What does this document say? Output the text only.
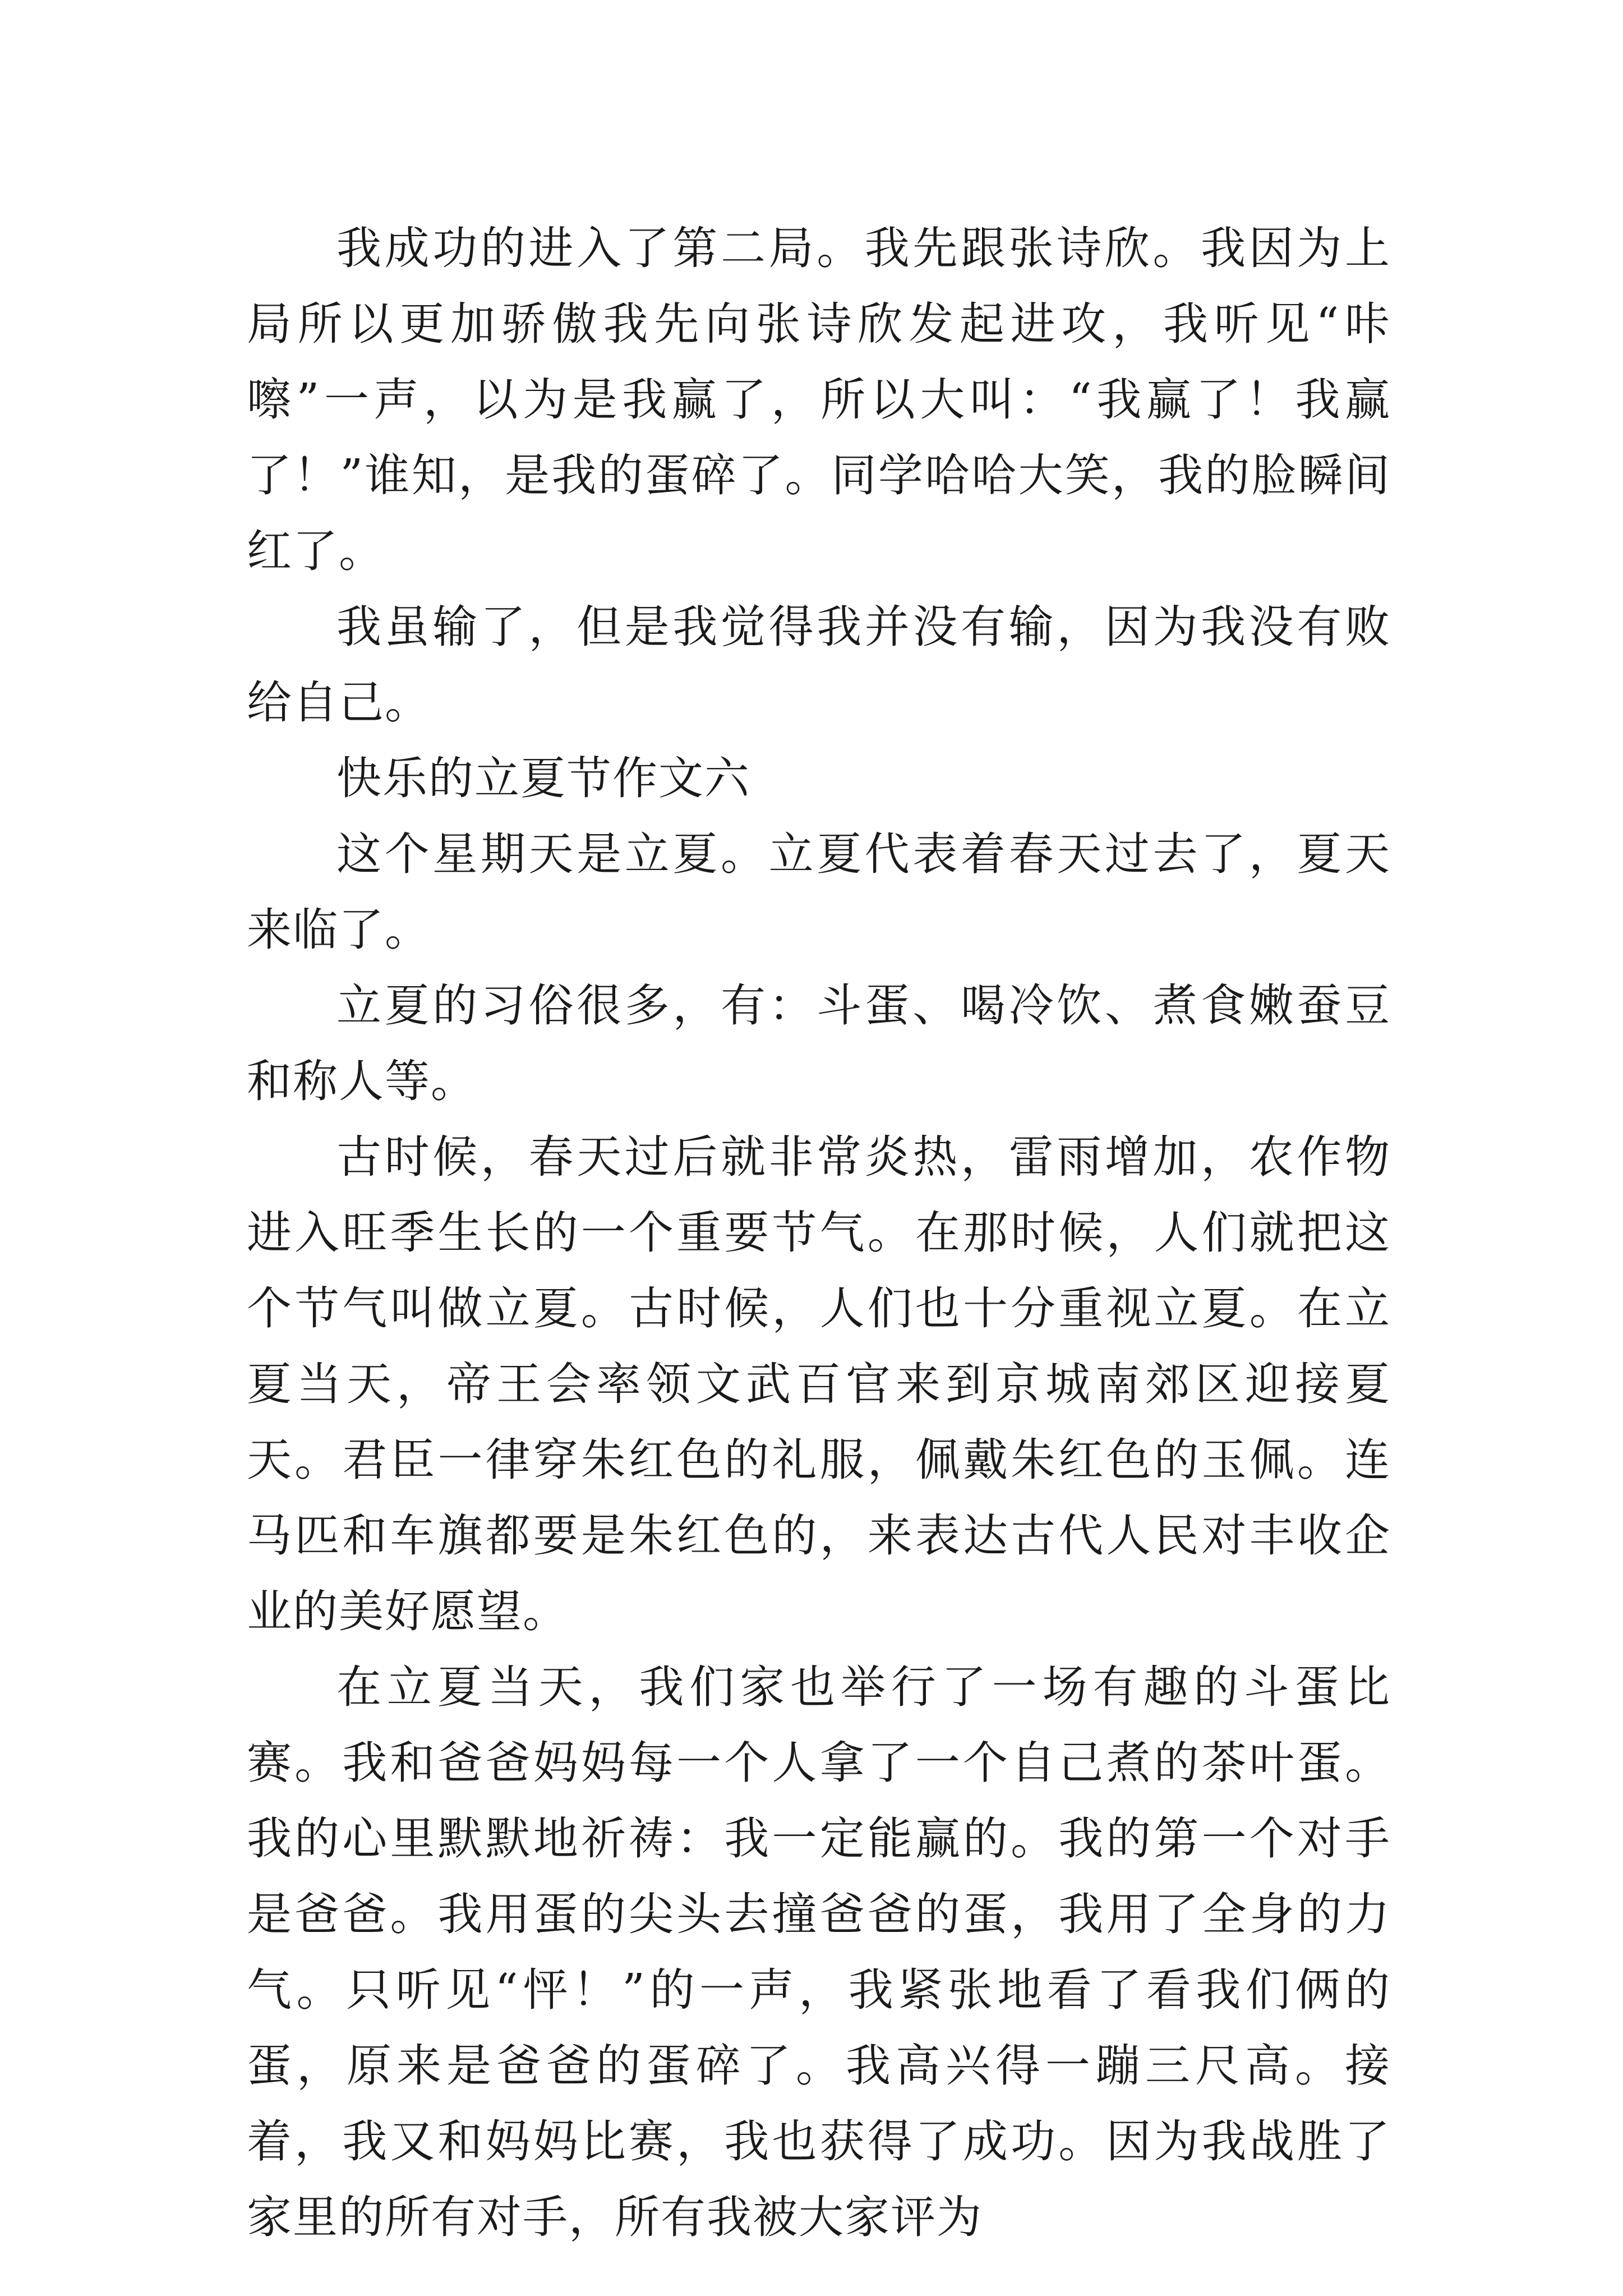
我成功的进入了第二局。我先跟张诗欣。我因为上局所以更加骄傲我先向张诗欣发起进攻，我听见“咔嚓”一声，以为是我赢了，所以大叫：“我赢了！我赢了！”谁知，是我的蛋碎了。同学哈哈大笑，我的脸瞬间红了。

我虽输了，但是我觉得我并没有输，因为我没有败给自己。

快乐的立夏节作文六

这个星期天是立夏。立夏代表着春天过去了，夏天来临了。

立夏的习俗很多，有：斗蛋、喝冷饮、煮食嫩蚕豆和称人等。

古时候，春天过后就非常炎热，雷雨增加，农作物进入旺季生长的一个重要节气。在那时候，人们就把这个节气叫做立夏。古时候，人们也十分重视立夏。在立夏当天，帝王会率领文武百官来到京城南郊区迎接夏天。君臣一律穿朱红色的礼服，佩戴朱红色的玉佩。连马匹和车旗都要是朱红色的，来表达古代人民对丰收企业的美好愿望。

在立夏当天，我们家也举行了一场有趣的斗蛋比赛。我和爸爸妈妈每一个人拿了一个自己煮的茶叶蛋。我的心里默默地祈祷：我一定能赢的。我的第一个对手是爸爸。我用蛋的尖头去撞爸爸的蛋，我用了全身的力气。只听见“怦！”的一声，我紧张地看了看我们俩的蛋，原来是爸爸的蛋碎了。我高兴得一蹦三尺高。接着，我又和妈妈比赛，我也获得了成功。因为我战胜了家里的所有对手，所有我被大家评为
